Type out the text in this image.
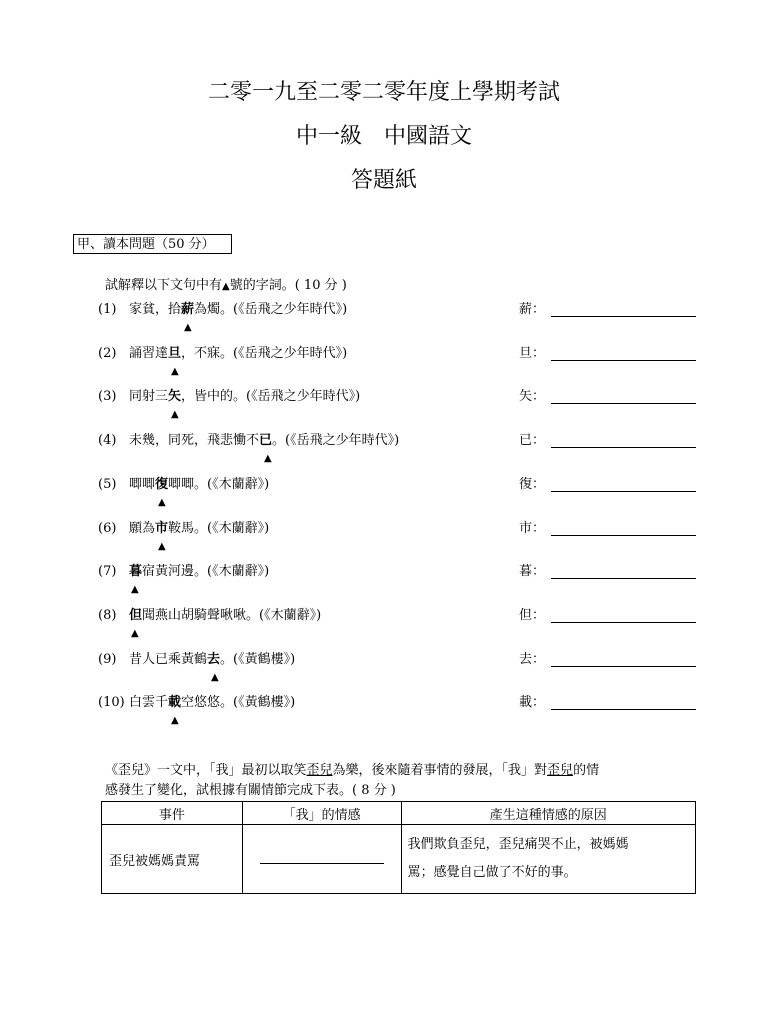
二零一九至二零二零年度上學期考試
中一級　中國語文
答題紙
甲、讀本問題（50 分）
試解釋以下文句中有▲號的字詞。( 10 分 )
(1) 家貧，拾薪為燭。(《岳飛之少年時代》)
▲
薪：
(2) 誦習達旦，不寐。(《岳飛之少年時代》)
▲
旦：
(3) 同射三矢，皆中的。(《岳飛之少年時代》)
▲
矢：
(4) 未幾，同死，飛悲慟不已。(《岳飛之少年時代》)
▲
已：
(5) 唧唧復唧唧。(《木蘭辭》)
▲
復：
(6) 願為市鞍馬。(《木蘭辭》)
▲
市：
(7) 暮宿黃河邊。(《木蘭辭》)
▲
暮：
(8) 但聞燕山胡騎聲啾啾。(《木蘭辭》)
▲
但：
(9) 昔人已乘黃鶴去。(《黃鶴樓》)
▲
去：
(10) 白雲千載空悠悠。(《黃鶴樓》)
▲
載：
《歪兒》一文中，「我」最初以取笑歪兒為樂，後來隨着事情的發展，「我」對歪兒的情
感發生了變化，試根據有關情節完成下表。( 8 分 )
事件	「我」的情感	產生這種情感的原因
歪兒被媽媽責罵		我們欺負歪兒，歪兒痛哭不止，被媽媽
罵；感覺自己做了不好的事。
